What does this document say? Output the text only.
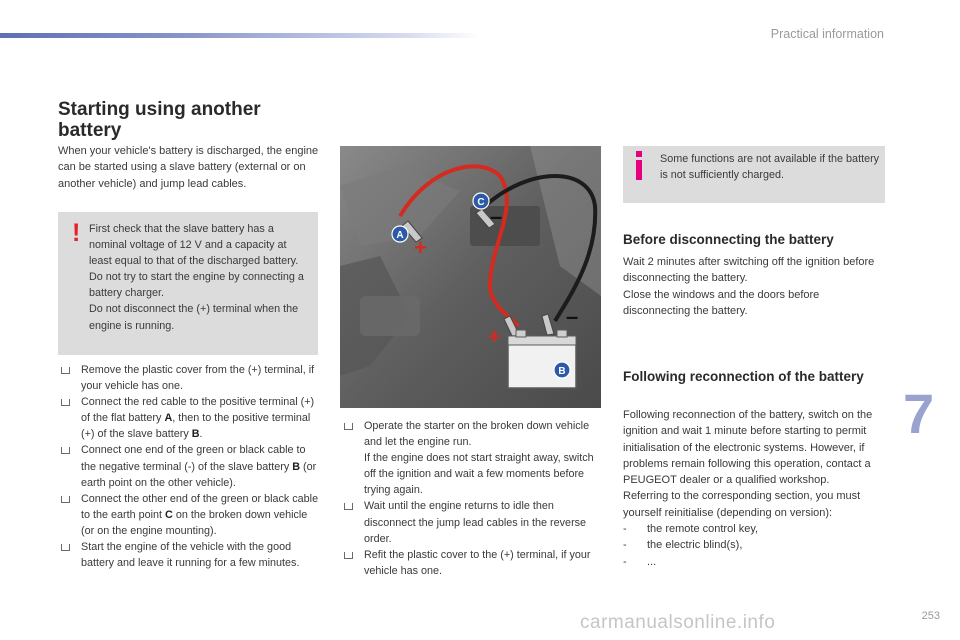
Practical information
Starting using another battery
When your vehicle's battery is discharged, the engine can be started using a slave battery (external or on another vehicle) and jump lead cables.
! First check that the slave battery has a nominal voltage of 12 V and a capacity at least equal to that of the discharged battery.
Do not try to start the engine by connecting a battery charger.
Do not disconnect the (+) terminal when the engine is running.
Remove the plastic cover from the (+) terminal, if your vehicle has one.
Connect the red cable to the positive terminal (+) of the flat battery A, then to the positive terminal (+) of the slave battery B.
Connect one end of the green or black cable to the negative terminal (-) of the slave battery B (or earth point on the other vehicle).
Connect the other end of the green or black cable to the earth point C on the broken down vehicle (or on the engine mounting).
Start the engine of the vehicle with the good battery and leave it running for a few minutes.
+
+
–
–
A
C
B
Operate the starter on the broken down vehicle and let the engine run.
If the engine does not start straight away, switch off the ignition and wait a few moments before trying again.
Wait until the engine returns to idle then disconnect the jump lead cables in the reverse order.
Refit the plastic cover to the (+) terminal, if your vehicle has one.
Some functions are not available if the battery is not sufficiently charged.
Before disconnecting the battery
Wait 2 minutes after switching off the ignition before disconnecting the battery.
Close the windows and the doors before disconnecting the battery.
Following reconnection of the battery
Following reconnection of the battery, switch on the ignition and wait 1 minute before starting to permit initialisation of the electronic systems. However, if problems remain following this operation, contact a PEUGEOT dealer or a qualified workshop.
Referring to the corresponding section, you must yourself reinitialise (depending on version):
- the remote control key,
- the electric blind(s),
- ...
7
253
carmanualsonline.info
